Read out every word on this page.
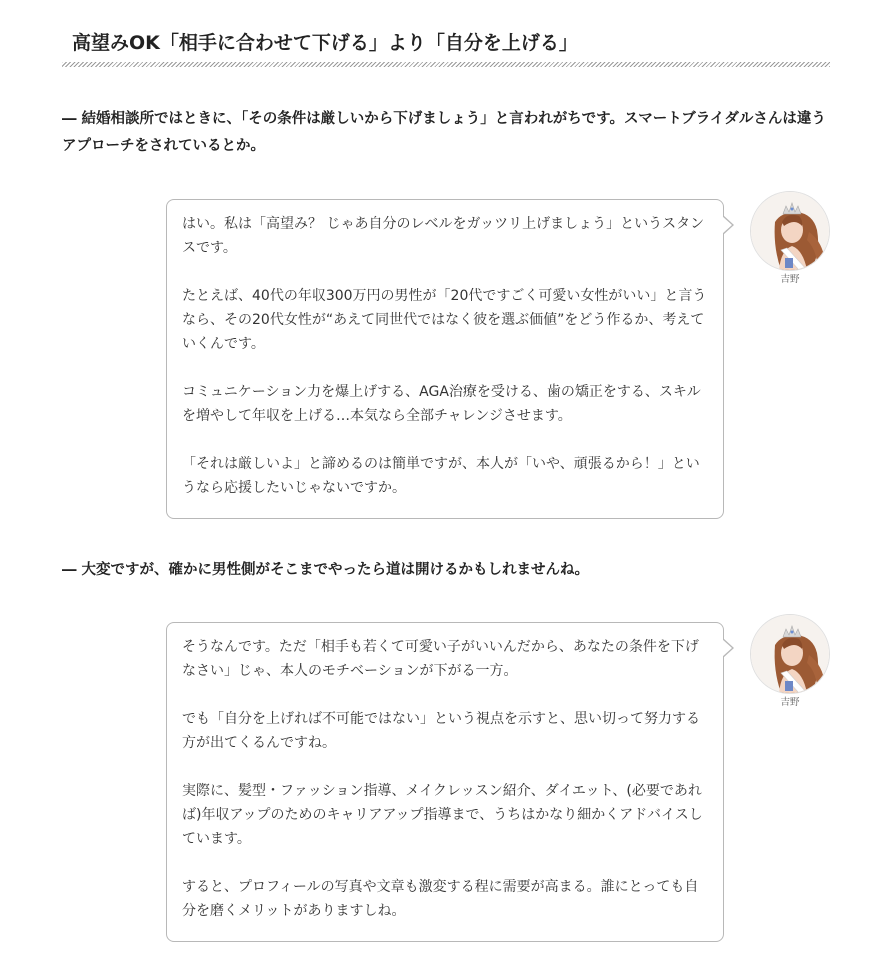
高望みOK「相手に合わせて下げる」より「自分を上げる」

― 結婚相談所ではときに、「その条件は厳しいから下げましょう」と言われがちです。スマートブライダルさんは違うアプローチをされているとか。

はい。私は「高望み？ じゃあ自分のレベルをガッツリ上げましょう」というスタンスです。

たとえば、40代の年収300万円の男性が「20代ですごく可愛い女性がいい」と言うなら、その20代女性が“あえて同世代ではなく彼を選ぶ価値”をどう作るか、考えていくんです。

コミュニケーション力を爆上げする、AGA治療を受ける、歯の矯正をする、スキルを増やして年収を上げる…本気なら全部チャレンジさせます。

「それは厳しいよ」と諦めるのは簡単ですが、本人が「いや、頑張るから！」というなら応援したいじゃないですか。

吉野

― 大変ですが、確かに男性側がそこまでやったら道は開けるかもしれませんね。

そうなんです。ただ「相手も若くて可愛い子がいいんだから、あなたの条件を下げなさい」じゃ、本人のモチベーションが下がる一方。

でも「自分を上げれば不可能ではない」という視点を示すと、思い切って努力する方が出てくるんですね。

実際に、髪型・ファッション指導、メイクレッスン紹介、ダイエット、(必要であれば)年収アップのためのキャリアアップ指導まで、うちはかなり細かくアドバイスしています。

すると、プロフィールの写真や文章も激変する程に需要が高まる。誰にとっても自分を磨くメリットがありますしね。

吉野
